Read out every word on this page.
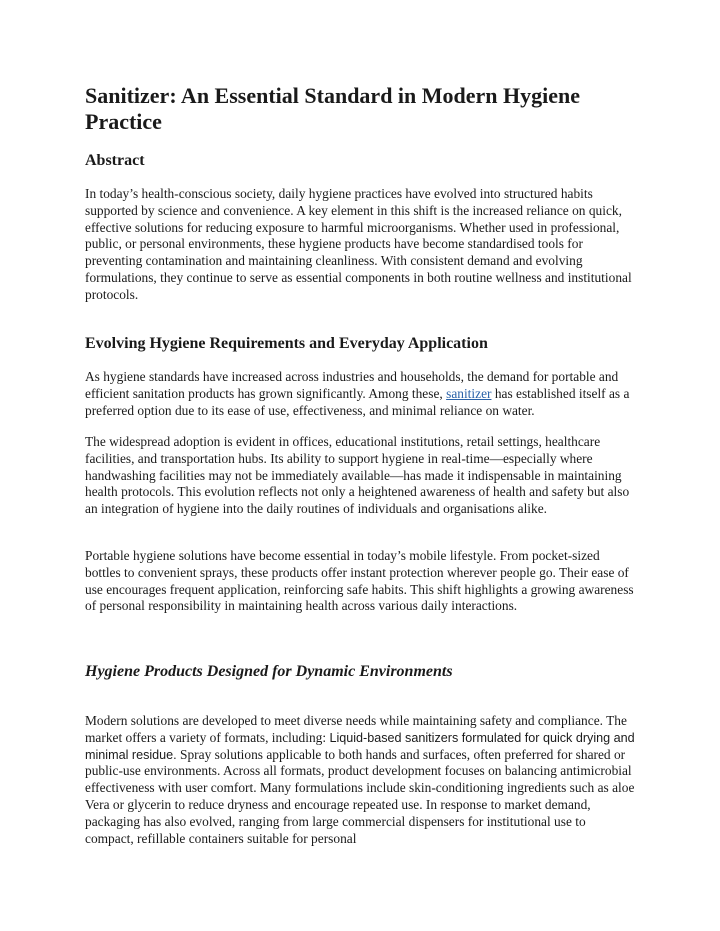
Sanitizer: An Essential Standard in Modern Hygiene Practice
Abstract

In today’s health-conscious society, daily hygiene practices have evolved into structured habits supported by science and convenience. A key element in this shift is the increased reliance on quick, effective solutions for reducing exposure to harmful microorganisms. Whether used in professional, public, or personal environments, these hygiene products have become standardised tools for preventing contamination and maintaining cleanliness. With consistent demand and evolving formulations, they continue to serve as essential components in both routine wellness and institutional protocols.

Evolving Hygiene Requirements and Everyday Application

As hygiene standards have increased across industries and households, the demand for portable and efficient sanitation products has grown significantly. Among these, sanitizer has established itself as a preferred option due to its ease of use, effectiveness, and minimal reliance on water.

The widespread adoption is evident in offices, educational institutions, retail settings, healthcare facilities, and transportation hubs. Its ability to support hygiene in real-time—especially where handwashing facilities may not be immediately available—has made it indispensable in maintaining health protocols. This evolution reflects not only a heightened awareness of health and safety but also an integration of hygiene into the daily routines of individuals and organisations alike.

Portable hygiene solutions have become essential in today’s mobile lifestyle. From pocket-sized bottles to convenient sprays, these products offer instant protection wherever people go. Their ease of use encourages frequent application, reinforcing safe habits. This shift highlights a growing awareness of personal responsibility in maintaining health across various daily interactions.

Hygiene Products Designed for Dynamic Environments

Modern solutions are developed to meet diverse needs while maintaining safety and compliance. The market offers a variety of formats, including: Liquid-based sanitizers formulated for quick drying and minimal residue. Spray solutions applicable to both hands and surfaces, often preferred for shared or public-use environments. Across all formats, product development focuses on balancing antimicrobial effectiveness with user comfort. Many formulations include skin-conditioning ingredients such as aloe Vera or glycerin to reduce dryness and encourage repeated use. In response to market demand, packaging has also evolved, ranging from large commercial dispensers for institutional use to compact, refillable containers suitable for personal
